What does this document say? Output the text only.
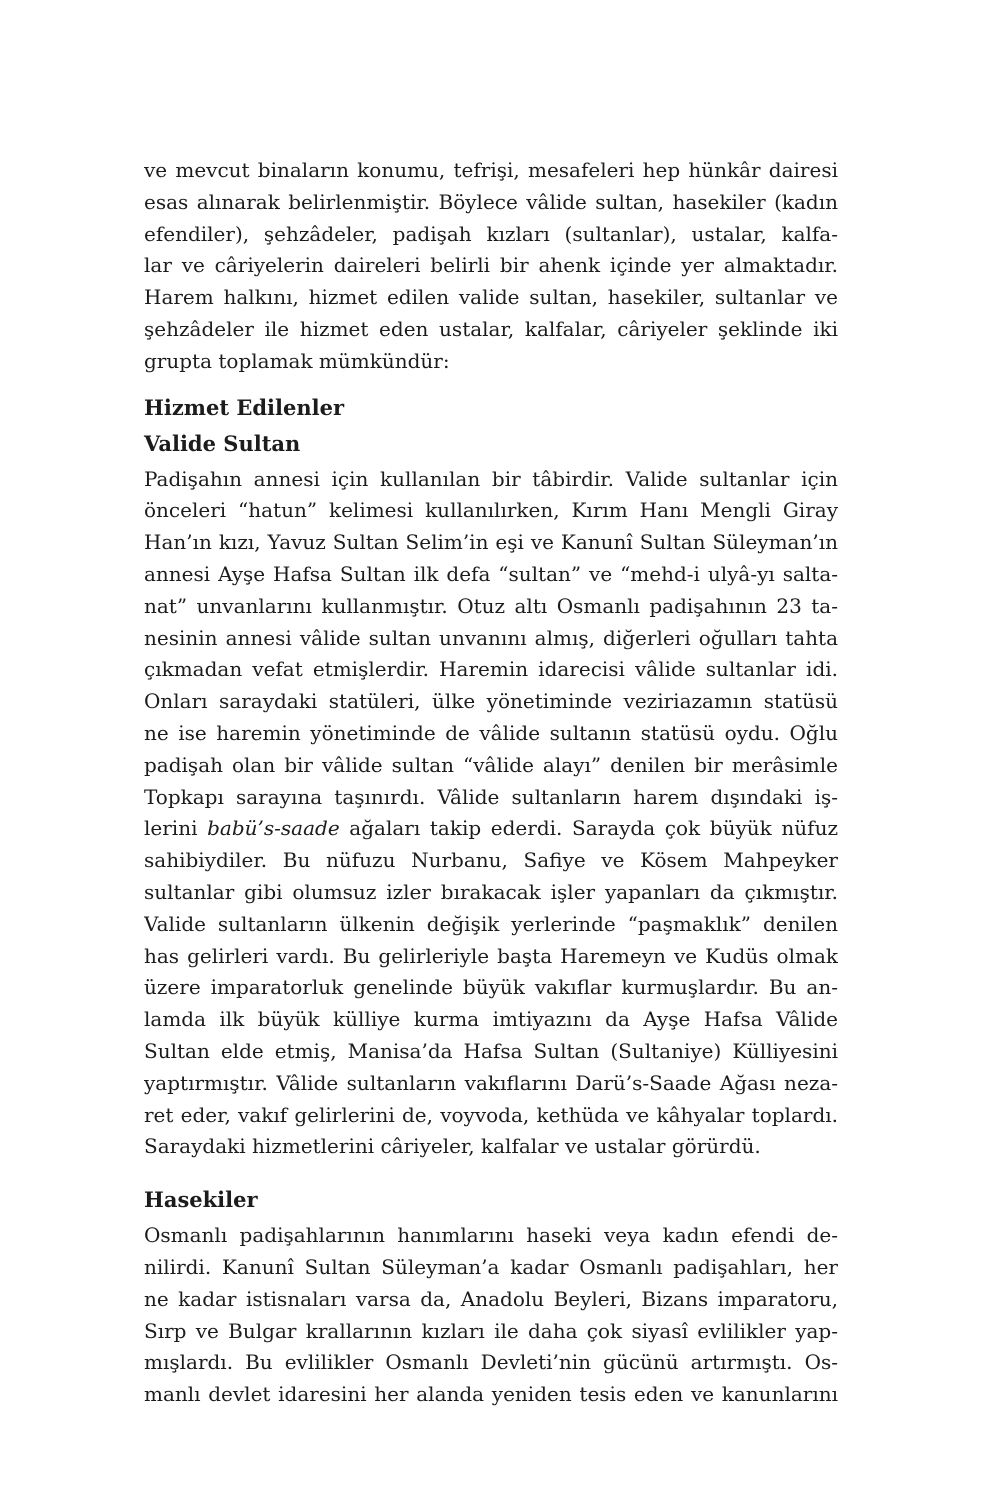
ve mevcut binaların konumu, tefrişi, mesafeleri hep hünkâr dairesi
esas alınarak belirlenmiştir. Böylece vâlide sultan, hasekiler (kadın
efendiler), şehzâdeler, padişah kızları (sultanlar), ustalar, kalfa-
lar ve câriyelerin daireleri belirli bir ahenk içinde yer almaktadır.
Harem halkını, hizmet edilen valide sultan, hasekiler, sultanlar ve
şehzâdeler ile hizmet eden ustalar, kalfalar, câriyeler şeklinde iki
grupta toplamak mümkündür:
Hizmet Edilenler
Valide Sultan
Padişahın annesi için kullanılan bir tâbirdir. Valide sultanlar için
önceleri “hatun” kelimesi kullanılırken, Kırım Hanı Mengli Giray
Han’ın kızı, Yavuz Sultan Selim’in eşi ve Kanunî Sultan Süleyman’ın
annesi Ayşe Hafsa Sultan ilk defa “sultan” ve “mehd-i ulyâ-yı salta-
nat” unvanlarını kullanmıştır. Otuz altı Osmanlı padişahının 23 ta-
nesinin annesi vâlide sultan unvanını almış, diğerleri oğulları tahta
çıkmadan vefat etmişlerdir. Haremin idarecisi vâlide sultanlar idi.
Onları saraydaki statüleri, ülke yönetiminde veziriazamın statüsü
ne ise haremin yönetiminde de vâlide sultanın statüsü oydu. Oğlu
padişah olan bir vâlide sultan “vâlide alayı” denilen bir merâsimle
Topkapı sarayına taşınırdı. Vâlide sultanların harem dışındaki iş-
lerini babü’s-saade ağaları takip ederdi. Sarayda çok büyük nüfuz
sahibiydiler. Bu nüfuzu Nurbanu, Safiye ve Kösem Mahpeyker
sultanlar gibi olumsuz izler bırakacak işler yapanları da çıkmıştır.
Valide sultanların ülkenin değişik yerlerinde “paşmaklık” denilen
has gelirleri vardı. Bu gelirleriyle başta Haremeyn ve Kudüs olmak
üzere imparatorluk genelinde büyük vakıflar kurmuşlardır. Bu an-
lamda ilk büyük külliye kurma imtiyazını da Ayşe Hafsa Vâlide
Sultan elde etmiş, Manisa’da Hafsa Sultan (Sultaniye) Külliyesini
yaptırmıştır. Vâlide sultanların vakıflarını Darü’s-Saade Ağası neza-
ret eder, vakıf gelirlerini de, voyvoda, kethüda ve kâhyalar toplardı.
Saraydaki hizmetlerini câriyeler, kalfalar ve ustalar görürdü.
Hasekiler
Osmanlı padişahlarının hanımlarını haseki veya kadın efendi de-
nilirdi. Kanunî Sultan Süleyman’a kadar Osmanlı padişahları, her
ne kadar istisnaları varsa da, Anadolu Beyleri, Bizans imparatoru,
Sırp ve Bulgar krallarının kızları ile daha çok siyasî evlilikler yap-
mışlardı. Bu evlilikler Osmanlı Devleti’nin gücünü artırmıştı. Os-
manlı devlet idaresini her alanda yeniden tesis eden ve kanunlarını
